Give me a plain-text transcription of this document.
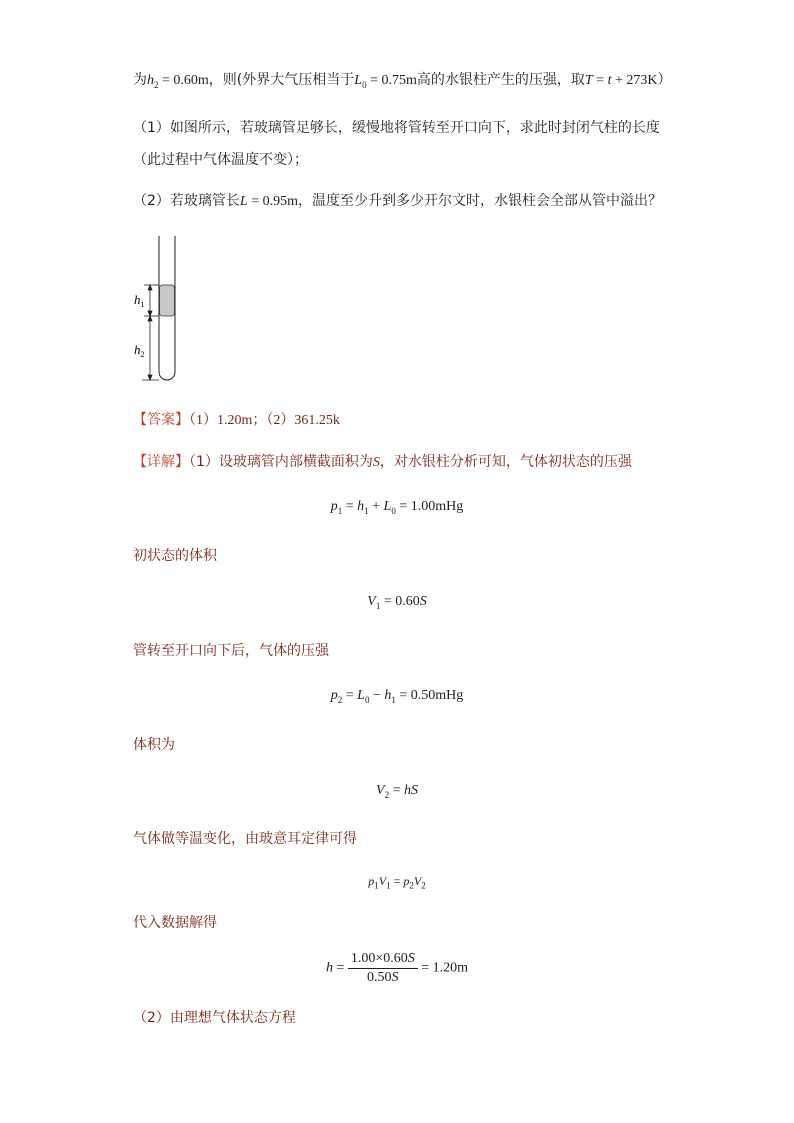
为$h_2 = 0.60m$，则(外界大气压相当于$L_0 = 0.75m$高的水银柱产生的压强，取T = t + 273K）
（1）如图所示，若玻璃管足够长，缓慢地将管转至开口向下，求此时封闭气柱的长度
（此过程中气体温度不变）；
（2）若玻璃管长L = 0.95m，温度至少升到多少开尔文时，水银柱会全部从管中溢出？
$h_1$
$h_2$
【答案】（1）1.20m；（2）361.25k
【详解】（1）设玻璃管内部横截面积为S，对水银柱分析可知，气体初状态的压强
$p_1 = h_1 + L_0 = 1.00mHg$
初状态的体积
$V_1 = 0.60S$
管转至开口向下后，气体的压强
$p_2 = L_0 - h_1 = 0.50mHg$
体积为
$V_2$ = hS
气体做等温变化，由玻意耳定律可得
$p_1V_1 = p_2V_2$
代入数据解得
$h = \frac{1.00\times 0.60S}{0.50S} = 1.20m$
（2）由理想气体状态方程
